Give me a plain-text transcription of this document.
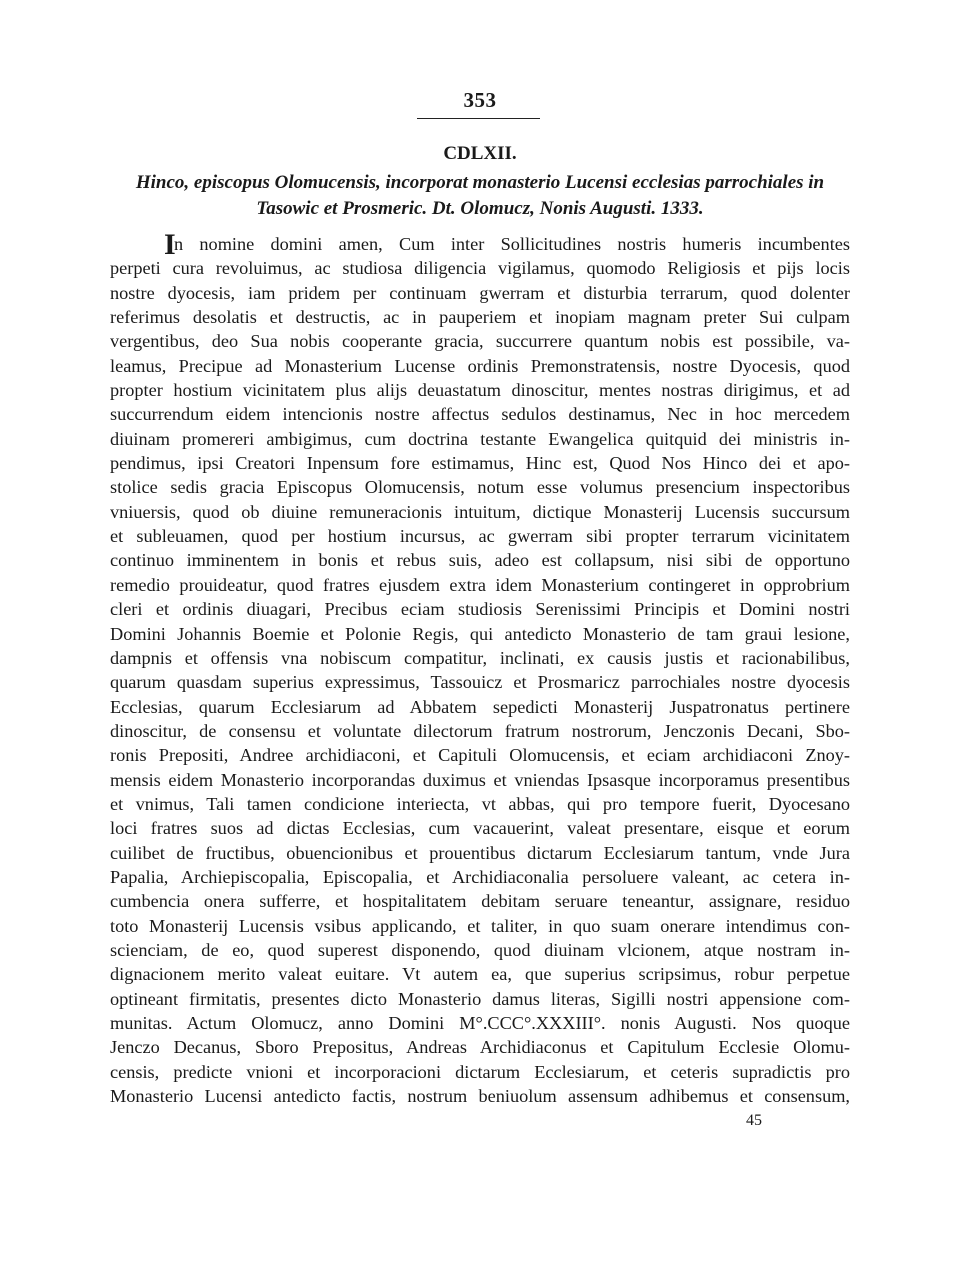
353
CDLXII.
Hinco, episcopus Olomucensis, incorporat monasterio Lucensi ecclesias parrochiales in
Tasowic et Prosmeric. Dt. Olomucz, Nonis Augusti. 1333.
I
n nomine domini amen, Cum inter Sollicitudines nostris humeris incumbentes
perpeti cura revoluimus, ac studiosa diligencia vigilamus, quomodo Religiosis et pijs locis
nostre dyocesis, iam pridem per continuam gwerram et disturbia terrarum, quod dolenter
referimus desolatis et destructis, ac in pauperiem et inopiam magnam preter Sui culpam
vergentibus, deo Sua nobis cooperante gracia, succurrere quantum nobis est possibile, va-
leamus, Precipue ad Monasterium Lucense ordinis Premonstratensis, nostre Dyocesis, quod
propter hostium vicinitatem plus alijs deuastatum dinoscitur, mentes nostras dirigimus, et ad
succurrendum eidem intencionis nostre affectus sedulos destinamus, Nec in hoc mercedem
diuinam promereri ambigimus, cum doctrina testante Ewangelica quitquid dei ministris in-
pendimus, ipsi Creatori Inpensum fore estimamus, Hinc est, Quod Nos Hinco dei et apo-
stolice sedis gracia Episcopus Olomucensis, notum esse volumus presencium inspectoribus
vniuersis, quod ob diuine remuneracionis intuitum, dictique Monasterij Lucensis succursum
et subleuamen, quod per hostium incursus, ac gwerram sibi propter terrarum vicinitatem
continuo imminentem in bonis et rebus suis, adeo est collapsum, nisi sibi de opportuno
remedio prouideatur, quod fratres ejusdem extra idem Monasterium contingeret in opprobrium
cleri et ordinis diuagari, Precibus eciam studiosis Serenissimi Principis et Domini nostri
Domini Johannis Boemie et Polonie Regis, qui antedicto Monasterio de tam graui lesione,
dampnis et offensis vna nobiscum compatitur, inclinati, ex causis justis et racionabilibus,
quarum quasdam superius expressimus, Tassouicz et Prosmaricz parrochiales nostre dyocesis
Ecclesias, quarum Ecclesiarum ad Abbatem sepedicti Monasterij Juspatronatus pertinere
dinoscitur, de consensu et voluntate dilectorum fratrum nostrorum, Jenczonis Decani, Sbo-
ronis Prepositi, Andree archidiaconi, et Capituli Olomucensis, et eciam archidiaconi Znoy-
mensis eidem Monasterio incorporandas duximus et vniendas Ipsasque incorporamus presentibus
et vnimus, Tali tamen condicione interiecta, vt abbas, qui pro tempore fuerit, Dyocesano
loci fratres suos ad dictas Ecclesias, cum vacauerint, valeat presentare, eisque et eorum
cuilibet de fructibus, obuencionibus et prouentibus dictarum Ecclesiarum tantum, vnde Jura
Papalia, Archiepiscopalia, Episcopalia, et Archidiaconalia persoluere valeant, ac cetera in-
cumbencia onera sufferre, et hospitalitatem debitam seruare teneantur, assignare, residuo
toto Monasterij Lucensis vsibus applicando, et taliter, in quo suam onerare intendimus con-
scienciam, de eo, quod superest disponendo, quod diuinam vlcionem, atque nostram in-
dignacionem merito valeat euitare. Vt autem ea, que superius scripsimus, robur perpetue
optineant firmitatis, presentes dicto Monasterio damus literas, Sigilli nostri appensione com-
munitas. Actum Olomucz, anno Domini M°.CCC°.XXXIII°. nonis Augusti. Nos quoque
Jenczo Decanus, Sboro Prepositus, Andreas Archidiaconus et Capitulum Ecclesie Olomu-
censis, predicte vnioni et incorporacioni dictarum Ecclesiarum, et ceteris supradictis pro
Monasterio Lucensi antedicto factis, nostrum beniuolum assensum adhibemus et consensum,
45
